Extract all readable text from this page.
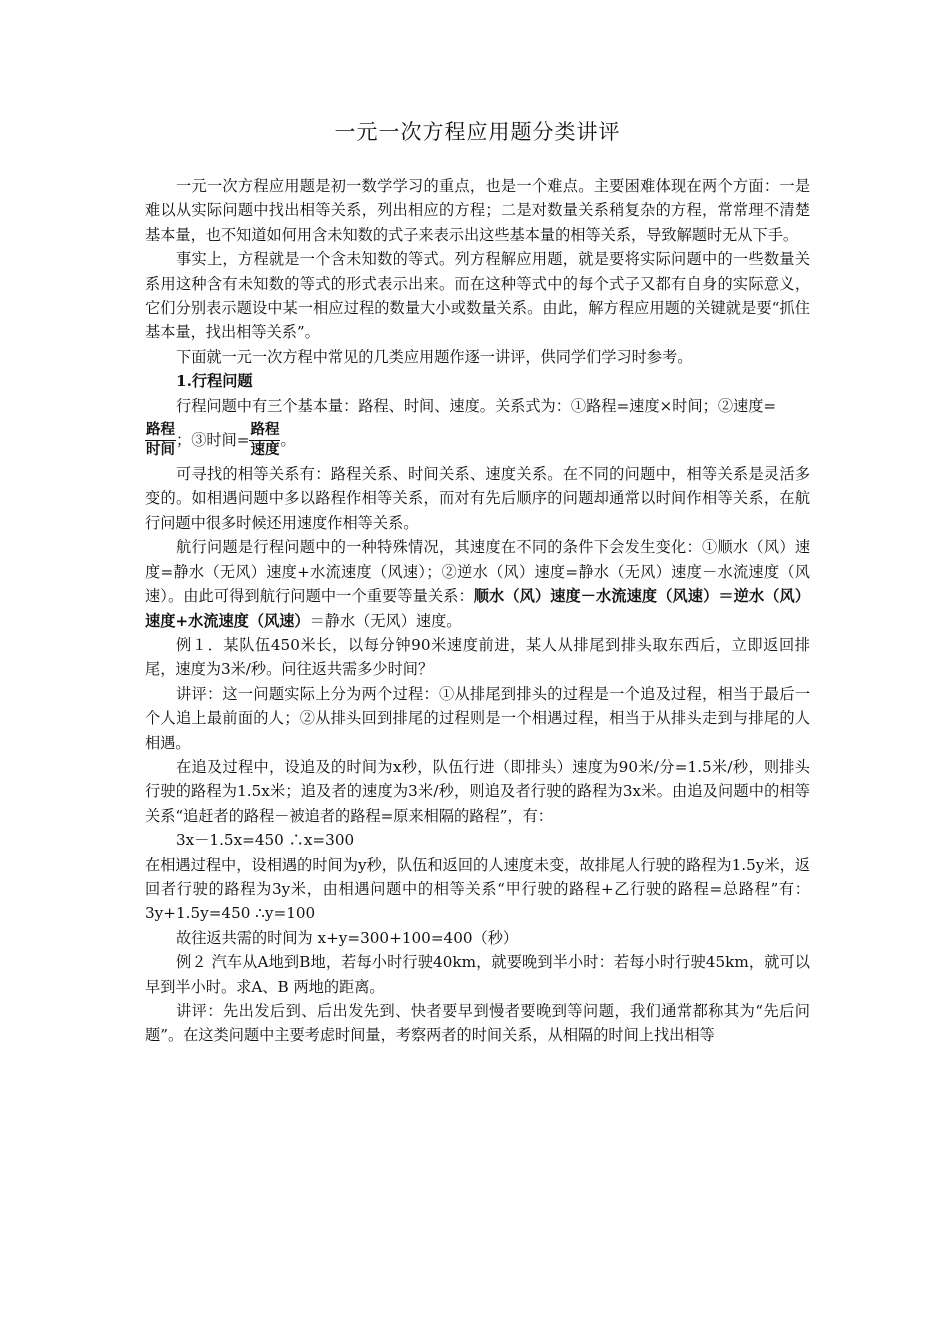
一元一次方程应用题分类讲评

一元一次方程应用题是初一数学学习的重点，也是一个难点。主要困难体现在两个方面：一是难以从实际问题中找出相等关系，列出相应的方程；二是对数量关系稍复杂的方程，常常理不清楚基本量，也不知道如何用含未知数的式子来表示出这些基本量的相等关系，导致解题时无从下手。

事实上，方程就是一个含未知数的等式。列方程解应用题，就是要将实际问题中的一些数量关系用这种含有未知数的等式的形式表示出来。而在这种等式中的每个式子又都有自身的实际意义，它们分别表示题设中某一相应过程的数量大小或数量关系。由此，解方程应用题的关键就是要“抓住基本量，找出相等关系”。

下面就一元一次方程中常见的几类应用题作逐一讲评，供同学们学习时参考。

1.行程问题

行程问题中有三个基本量：路程、时间、速度。关系式为：①路程=速度×时间；②速度=

$\frac{\text{路程}}{\text{时间}}$ ；③时间= $\frac{\text{路程}}{\text{速度}}$ 。

可寻找的相等关系有：路程关系、时间关系、速度关系。在不同的问题中，相等关系是灵活多变的。如相遇问题中多以路程作相等关系，而对有先后顺序的问题却通常以时间作相等关系，在航行问题中很多时候还用速度作相等关系。

航行问题是行程问题中的一种特殊情况，其速度在不同的条件下会发生变化：①顺水（风）速度=静水（无风）速度+水流速度（风速）；②逆水（风）速度=静水（无风）速度－水流速度（风速）。由此可得到航行问题中一个重要等量关系：顺水（风）速度－水流速度（风速）＝逆水（风）速度+水流速度（风速）＝静水（无风）速度。

例１．某队伍450米长，以每分钟90米速度前进，某人从排尾到排头取东西后，立即返回排尾，速度为3米/秒。问往返共需多少时间？

讲评：这一问题实际上分为两个过程：①从排尾到排头的过程是一个追及过程，相当于最后一个人追上最前面的人；②从排头回到排尾的过程则是一个相遇过程，相当于从排头走到与排尾的人相遇。

在追及过程中，设追及的时间为x秒，队伍行进（即排头）速度为90米/分=1.5米/秒，则排头行驶的路程为1.5x米；追及者的速度为3米/秒，则追及者行驶的路程为3x米。由追及问题中的相等关系“追赶者的路程－被追者的路程=原来相隔的路程”，有：

3x－1.5x=450 ∴x=300

在相遇过程中，设相遇的时间为y秒，队伍和返回的人速度未变，故排尾人行驶的路程为1.5y米，返回者行驶的路程为3y米，由相遇问题中的相等关系“甲行驶的路程+乙行驶的路程=总路程”有： 3y+1.5y=450 ∴y=100

故往返共需的时间为 x+y=300+100=400（秒）

例２ 汽车从A地到B地，若每小时行驶40km，就要晚到半小时：若每小时行驶45km，就可以早到半小时。求A、B 两地的距离。

讲评：先出发后到、后出发先到、快者要早到慢者要晚到等问题，我们通常都称其为“先后问题”。在这类问题中主要考虑时间量，考察两者的时间关系，从相隔的时间上找出相等
